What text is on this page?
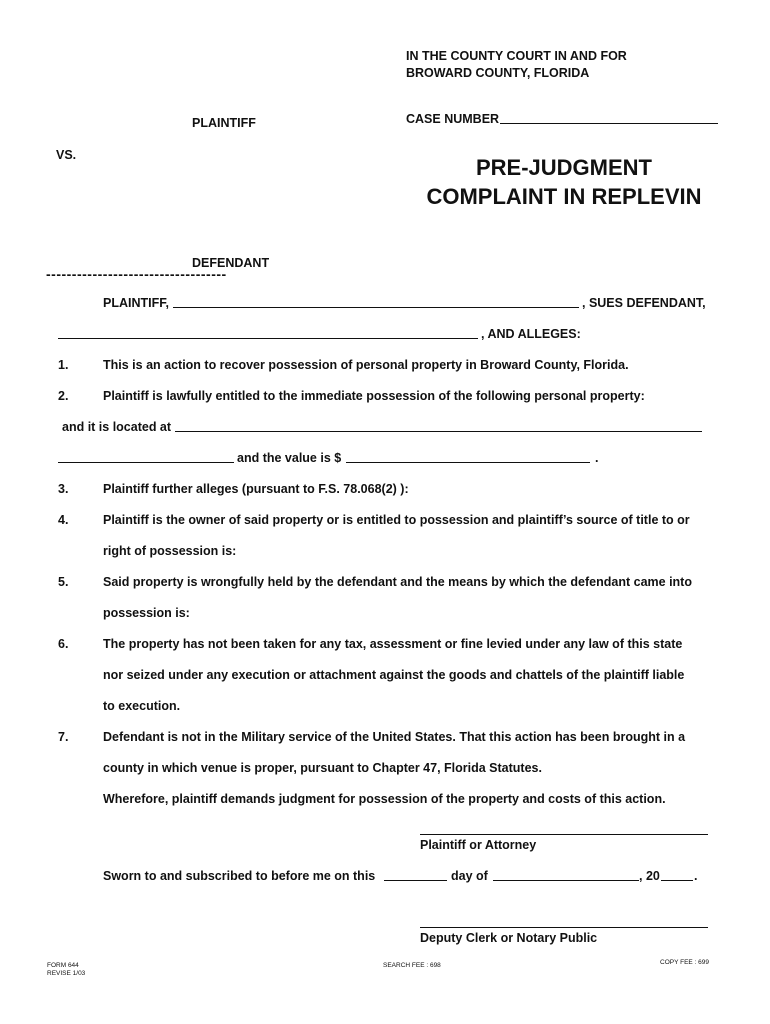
IN THE COUNTY COURT IN AND FOR
BROWARD COUNTY, FLORIDA
PLAINTIFF	CASE NUMBER
VS.	PRE-JUDGMENT
COMPLAINT IN REPLEVIN
DEFENDANT
-----------------------------------
PLAINTIFF,	, SUES DEFENDANT,
, AND ALLEGES:
1.	This is an action to recover possession of personal property in Broward County, Florida.
2.	Plaintiff is lawfully entitled to the immediate possession of the following personal property:
and it is located at
and the value is $	.
3.	Plaintiff further alleges (pursuant to F.S. 78.068(2) ):
4.	Plaintiff is the owner of said property or is entitled to possession and plaintiff’s source of title to or
right of possession is:
5.	Said property is wrongfully held by the defendant and the means by which the defendant came into
possession is:
6.	The property has not been taken for any tax, assessment or fine levied under any law of this state
nor seized under any execution or attachment against the goods and chattels of the plaintiff liable
to execution.
7.	Defendant is not in the Military service of the United States. That this action has been brought in a
county in which venue is proper, pursuant to Chapter 47, Florida Statutes.
Wherefore, plaintiff demands judgment for possession of the property and costs of this action.
Plaintiff or Attorney
Sworn to and subscribed to before me on this	day of	, 20	.
Deputy Clerk or Notary Public
FORM 644
REVISE 1/03
SEARCH FEE : 698	COPY FEE : 699
